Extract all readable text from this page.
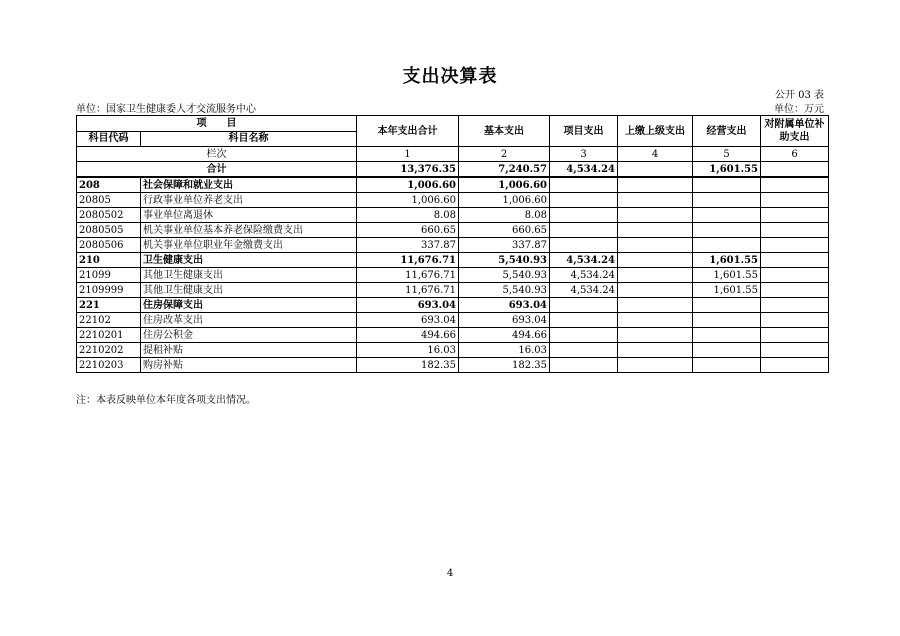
支出决算表
公开 03 表
单位：国家卫生健康委人才交流服务中心	单位：万元
项　　目		本年支出合计	基本支出	项目支出	上缴上级支出	经营支出	对附属单位补助支出
科目代码	科目名称						
栏次		1	2	3	4	5	6
合计		13,376.35	7,240.57	4,534.24		1,601.55	
208	社会保障和就业支出	1,006.60	1,006.60				
20805	行政事业单位养老支出	1,006.60	1,006.60				
2080502	事业单位离退休	8.08	8.08				
2080505	机关事业单位基本养老保险缴费支出	660.65	660.65				
2080506	机关事业单位职业年金缴费支出	337.87	337.87				
210	卫生健康支出	11,676.71	5,540.93	4,534.24		1,601.55	
21099	其他卫生健康支出	11,676.71	5,540.93	4,534.24		1,601.55	
2109999	其他卫生健康支出	11,676.71	5,540.93	4,534.24		1,601.55	
221	住房保障支出	693.04	693.04				
22102	住房改革支出	693.04	693.04				
2210201	住房公积金	494.66	494.66				
2210202	提租补贴	16.03	16.03				
2210203	购房补贴	182.35	182.35				
注：本表反映单位本年度各项支出情况。
4
